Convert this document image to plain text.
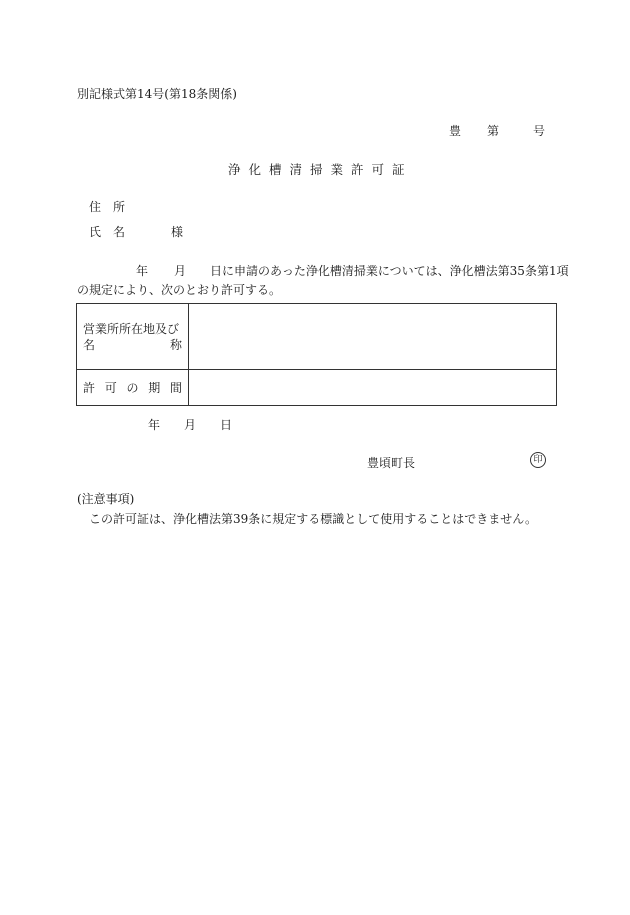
別記様式第14号(第18条関係)
豊 第	号
浄化槽清掃業許可証
住　所
氏　名	様
年 月 日に申請のあった浄化槽清掃業については、浄化槽法第35条第1項
の規定により、次のとおり許可する。
営業所所在地及び
名 称	

許 可 の 期 間	

年 月 日
豊頃町長	印
(注意事項)
この許可証は、浄化槽法第39条に規定する標識として使用することはできません。
